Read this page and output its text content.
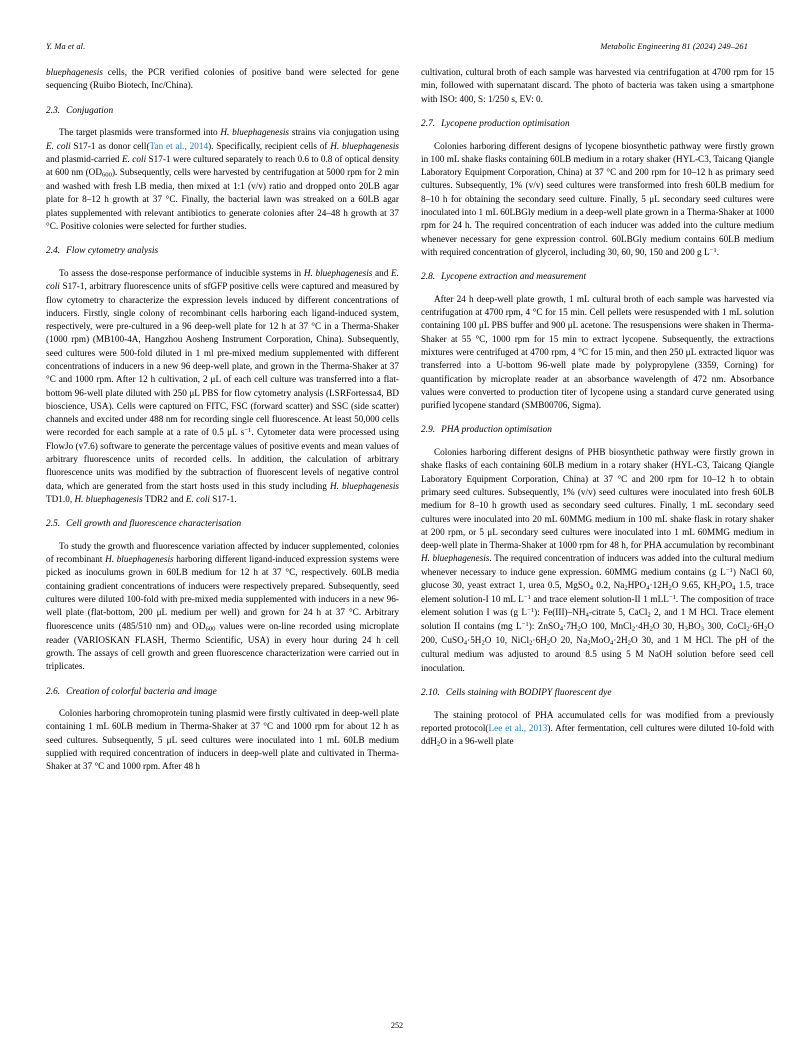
Y. Ma et al.	Metabolic Engineering 81 (2024) 249–261

bluephagenesis cells, the PCR verified colonies of positive band were selected for gene sequencing (Ruibo Biotech, Inc/China).

2.3. Conjugation

The target plasmids were transformed into H. bluephagenesis strains via conjugation using E. coli S17-1 as donor cell(Tan et al., 2014). Specifically, recipient cells of H. bluephagenesis and plasmid-carried E. coli S17-1 were cultured separately to reach 0.6 to 0.8 of optical density at 600 nm $(OD_{600})$. Subsequently, cells were harvested by centrifugation at 5000 rpm for 2 min and washed with fresh LB media, then mixed at 1:1 (v/v) ratio and dropped onto 20LB agar plate for 8–12 h growth at 37 °C. Finally, the bacterial lawn was streaked on a 60LB agar plates supplemented with relevant antibiotics to generate colonies after 24–48 h growth at 37 °C. Positive colonies were selected for further studies.

2.4. Flow cytometry analysis

To assess the dose-response performance of inducible systems in H. bluephagenesis and E. coli S17-1, arbitrary fluorescence units of sfGFP positive cells were captured and measured by flow cytometry to characterize the expression levels induced by different concentrations of inducers. Firstly, single colony of recombinant cells harboring each ligand-induced system, respectively, were pre-cultured in a 96 deep-well plate for 12 h at 37 °C in a Therma-Shaker (1000 rpm) (MB100-4A, Hangzhou Aosheng Instrument Corporation, China). Subsequently, seed cultures were 500-fold diluted in 1 ml pre-mixed medium supplemented with different concentrations of inducers in a new 96 deep-well plate, and grown in the Therma-Shaker at 37 °C and 1000 rpm. After 12 h cultivation, 2 μL of each cell culture was transferred into a flat-bottom 96-well plate diluted with 250 μL PBS for flow cytometry analysis (LSRFortessa4, BD bioscience, USA). Cells were captured on FITC, FSC (forward scatter) and SSC (side scatter) channels and excited under 488 nm for recording single cell fluorescence. At least 50,000 cells were recorded for each sample at a rate of 0.5 μL $s^{-1}$. Cytometer data were processed using FlowJo (v7.6) software to generate the percentage values of positive events and mean values of arbitrary fluorescence units of recorded cells. In addition, the calculation of arbitrary fluorescence units was modified by the subtraction of fluorescent levels of negative control data, which are generated from the start hosts used in this study including H. bluephagenesis TD1.0, H. bluephagenesis TDR2 and E. coli S17-1.

2.5. Cell growth and fluorescence characterisation

To study the growth and fluorescence variation affected by inducer supplemented, colonies of recombinant H. bluephagenesis harboring different ligand-induced expression systems were picked as inoculums grown in 60LB medium for 12 h at 37 °C, respectively. 60LB media containing gradient concentrations of inducers were respectively prepared. Subsequently, seed cultures were diluted 100-fold with pre-mixed media supplemented with inducers in a new 96-well plate (flat-bottom, 200 μL medium per well) and grown for 24 h at 37 °C. Arbitrary fluorescence units (485/510 nm) and $OD_{600}$ values were on-line recorded using microplate reader (VARIOSKAN FLASH, Thermo Scientific, USA) in every hour during 24 h cell growth. The assays of cell growth and green fluorescence characterization were carried out in triplicates.

2.6. Creation of colorful bacteria and image

Colonies harboring chromoprotein tuning plasmid were firstly cultivated in deep-well plate containing 1 mL 60LB medium in Therma-Shaker at 37 °C and 1000 rpm for about 12 h as seed cultures. Subsequently, 5 μL seed cultures were inoculated into 1 mL 60LB medium supplied with required concentration of inducers in deep-well plate and cultivated in Therma-Shaker at 37 °C and 1000 rpm. After 48 h

cultivation, cultural broth of each sample was harvested via centrifugation at 4700 rpm for 15 min, followed with supernatant discard. The photo of bacteria was taken using a smartphone with ISO: 400, S: 1/250 s, EV: 0.

2.7. Lycopene production optimisation

Colonies harboring different designs of lycopene biosynthetic pathway were firstly grown in 100 mL shake flasks containing 60LB medium in a rotary shaker (HYL-C3, Taicang Qiangle Laboratory Equipment Corporation, China) at 37 °C and 200 rpm for 10–12 h as primary seed cultures. Subsequently, 1% (v/v) seed cultures were transformed into fresh 60LB medium for 8–10 h for obtaining the secondary seed culture. Finally, 5 μL secondary seed cultures were inoculated into 1 mL 60LBGly medium in a deep-well plate grown in a Therma-Shaker at 1000 rpm for 24 h. The required concentration of each inducer was added into the culture medium whenever necessary for gene expression control. 60LBGly medium contains 60LB medium with required concentration of glycerol, including 30, 60, 90, 150 and 200 g $L^{-1}$.

2.8. Lycopene extraction and measurement

After 24 h deep-well plate growth, 1 mL cultural broth of each sample was harvested via centrifugation at 4700 rpm, 4 °C for 15 min. Cell pellets were resuspended with 1 mL solution containing 100 μL PBS buffer and 900 μL acetone. The resuspensions were shaken in Therma-Shaker at 55 °C, 1000 rpm for 15 min to extract lycopene. Subsequently, the extractions mixtures were centrifuged at 4700 rpm, 4 °C for 15 min, and then 250 μL extracted liquor was transferred into a U-bottom 96-well plate made by polypropylene (3359, Corning) for quantification by microplate reader at an absorbance wavelength of 472 nm. Absorbance values were converted to production titer of lycopene using a standard curve generated using purified lycopene standard (SMB00706, Sigma).

2.9. PHA production optimisation

Colonies harboring different designs of PHB biosynthetic pathway were firstly grown in shake flasks of each containing 60LB medium in a rotary shaker (HYL-C3, Taicang Qiangle Laboratory Equipment Corporation, China) at 37 °C and 200 rpm for 10–12 h to obtain primary seed cultures. Subsequently, 1% (v/v) seed cultures were inoculated into fresh 60LB medium for 8–10 h growth used as secondary seed cultures. Finally, 1 mL secondary seed cultures were inoculated into 20 mL 60MMG medium in 100 mL shake flask in rotary shaker at 200 rpm, or 5 μL secondary seed cultures were inoculated into 1 mL 60MMG medium in deep-well plate in Therma-Shaker at 1000 rpm for 48 h, for PHA accumulation by recombinant H. bluephagenesis. The required concentration of inducers was added into the cultural medium whenever necessary to induce gene expression. 60MMG medium contains (g $L^{-1}$) NaCl 60, glucose 30, yeast extract 1, urea 0.5, MgSO$_4$ 0.2, $Na_2HPO_4\cdot 12H_2O$ 9.65, $KH_2PO_4$ 1.5, trace element solution-I 10 mL $L^{-1}$ and trace element solution-II 1 mLL$^{-1}$. The composition of trace element solution I was (g $L^{-1}$): $Fe(III)-NH_4$-citrate 5, CaCl$_2$ 2, and 1 M HCl. Trace element solution II contains (mg $L^{-1}$): $ZnSO_4\cdot 7H_2O$ 100, $MnCl_2\cdot 4H_2O$ 30, $H_3BO_3$ 300, $CoCl_2\cdot 6H_2O$ 200, $CuSO_4\cdot 5H_2O$ 10, $NiCl_2\cdot 6H_2O$ 20, $Na_2MoO_4\cdot 2H_2O$ 30, and 1 M HCl. The pH of the cultural medium was adjusted to around 8.5 using 5 M NaOH solution before seed cell inoculation.

2.10. Cells staining with BODIPY fluorescent dye

The staining protocol of PHA accumulated cells for was modified from a previously reported protocol(Lee et al., 2013). After fermentation, cell cultures were diluted 10-fold with ddH$_2$O in a 96-well plate

252
